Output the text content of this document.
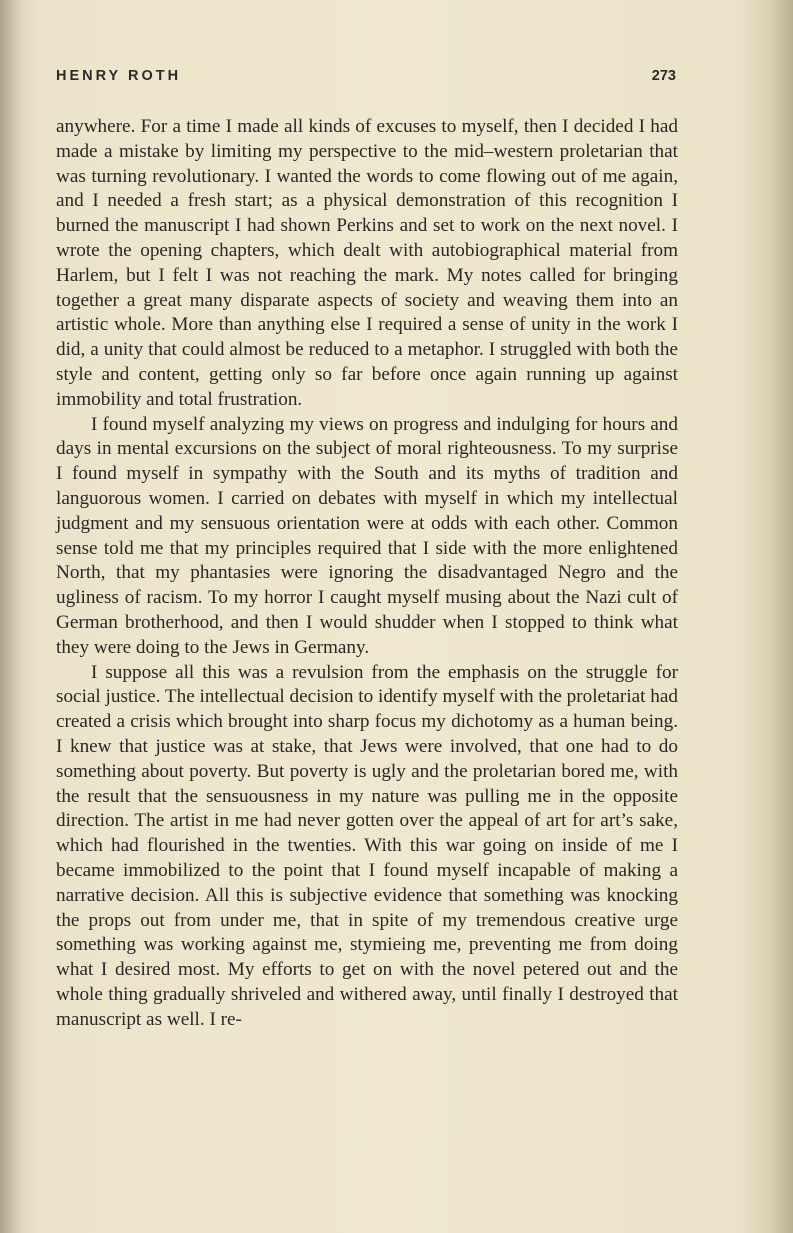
HENRY ROTH	273

anywhere. For a time I made all kinds of excuses to myself, then I decided I had made a mistake by limiting my perspective to the mid–western proletarian that was turning revolutionary. I wanted the words to come flowing out of me again, and I needed a fresh start; as a physical demonstration of this recognition I burned the manuscript I had shown Perkins and set to work on the next novel. I wrote the opening chapters, which dealt with autobiographical material from Harlem, but I felt I was not reaching the mark. My notes called for bringing together a great many disparate aspects of society and weaving them into an artistic whole. More than anything else I required a sense of unity in the work I did, a unity that could almost be reduced to a metaphor. I struggled with both the style and content, getting only so far before once again running up against immobility and total frustration.

I found myself analyzing my views on progress and indulging for hours and days in mental excursions on the subject of moral righteousness. To my surprise I found myself in sympathy with the South and its myths of tradition and languorous women. I carried on debates with myself in which my intellectual judgment and my sensuous orientation were at odds with each other. Common sense told me that my principles required that I side with the more enlightened North, that my phantasies were ignoring the disadvantaged Negro and the ugliness of racism. To my horror I caught myself musing about the Nazi cult of German brotherhood, and then I would shudder when I stopped to think what they were doing to the Jews in Germany.

I suppose all this was a revulsion from the emphasis on the struggle for social justice. The intellectual decision to identify myself with the proletariat had created a crisis which brought into sharp focus my dichotomy as a human being. I knew that justice was at stake, that Jews were involved, that one had to do something about poverty. But poverty is ugly and the proletarian bored me, with the result that the sensuousness in my nature was pulling me in the opposite direction. The artist in me had never gotten over the appeal of art for art’s sake, which had flourished in the twenties. With this war going on inside of me I became immobilized to the point that I found myself incapable of making a narrative decision. All this is subjective evidence that something was knocking the props out from under me, that in spite of my tremendous creative urge something was working against me, stymieing me, preventing me from doing what I desired most. My efforts to get on with the novel petered out and the whole thing gradually shriveled and withered away, until finally I destroyed that manuscript as well. I re-
